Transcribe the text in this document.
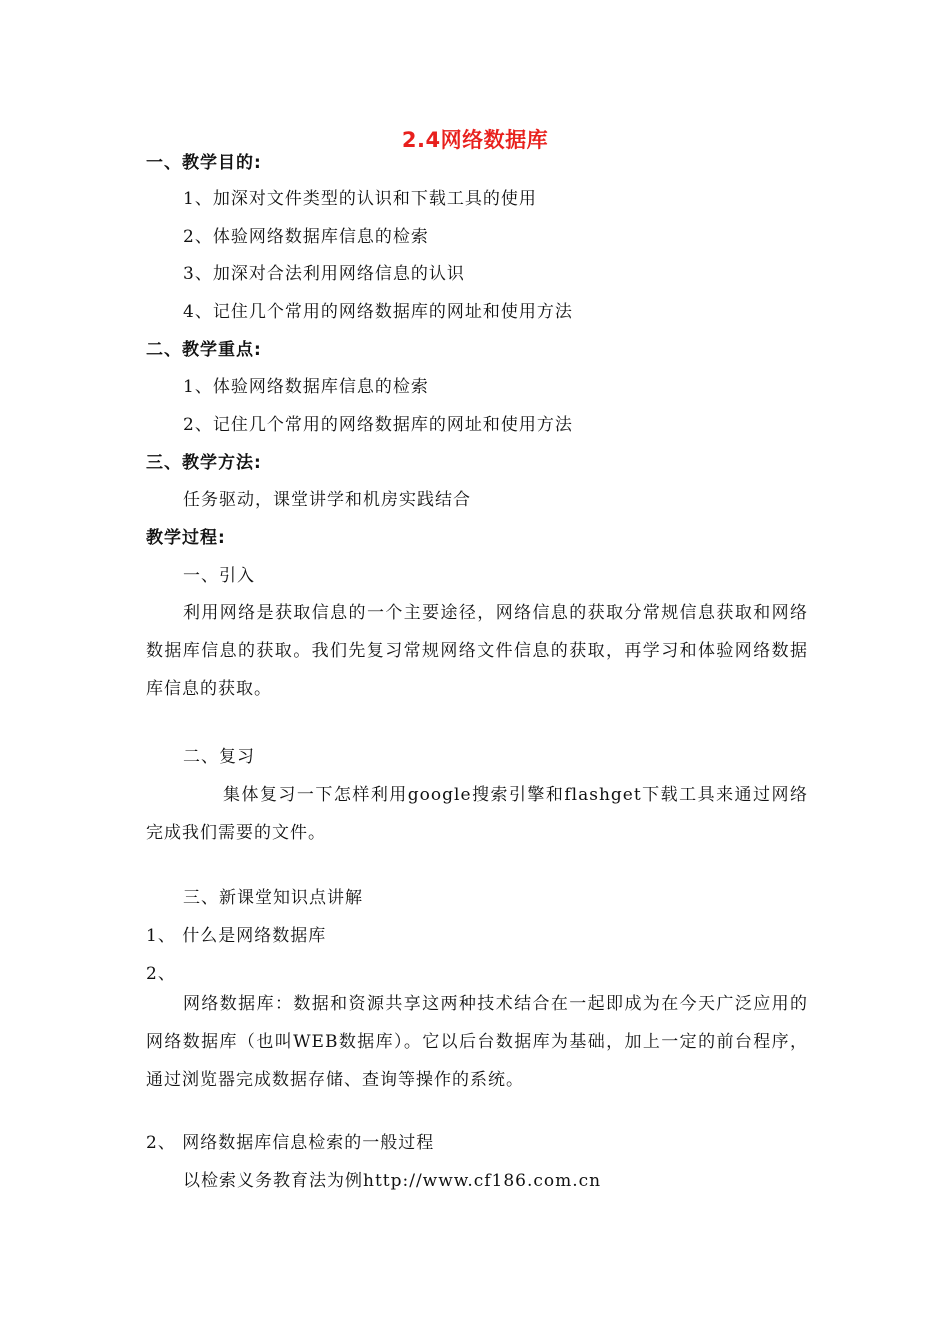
2.4网络数据库
一、教学目的:
1、加深对文件类型的认识和下载工具的使用
2、体验网络数据库信息的检索
3、加深对合法利用网络信息的认识
4、记住几个常用的网络数据库的网址和使用方法
二、教学重点:
1、体验网络数据库信息的检索
2、记住几个常用的网络数据库的网址和使用方法
三、教学方法:
任务驱动，课堂讲学和机房实践结合
教学过程:
一、引入
利用网络是获取信息的一个主要途径，网络信息的获取分常规信息获取和网络数据库信息的获取。我们先复习常规网络文件信息的获取，再学习和体验网络数据库信息的获取。
二、复习
集体复习一下怎样利用google搜索引擎和flashget下载工具来通过网络完成我们需要的文件。
三、新课堂知识点讲解
1、 什么是网络数据库
2、
网络数据库：数据和资源共享这两种技术结合在一起即成为在今天广泛应用的网络数据库（也叫WEB数据库）。它以后台数据库为基础，加上一定的前台程序，通过浏览器完成数据存储、查询等操作的系统。
2、 网络数据库信息检索的一般过程
以检索义务教育法为例http://www.cf186.com.cn
